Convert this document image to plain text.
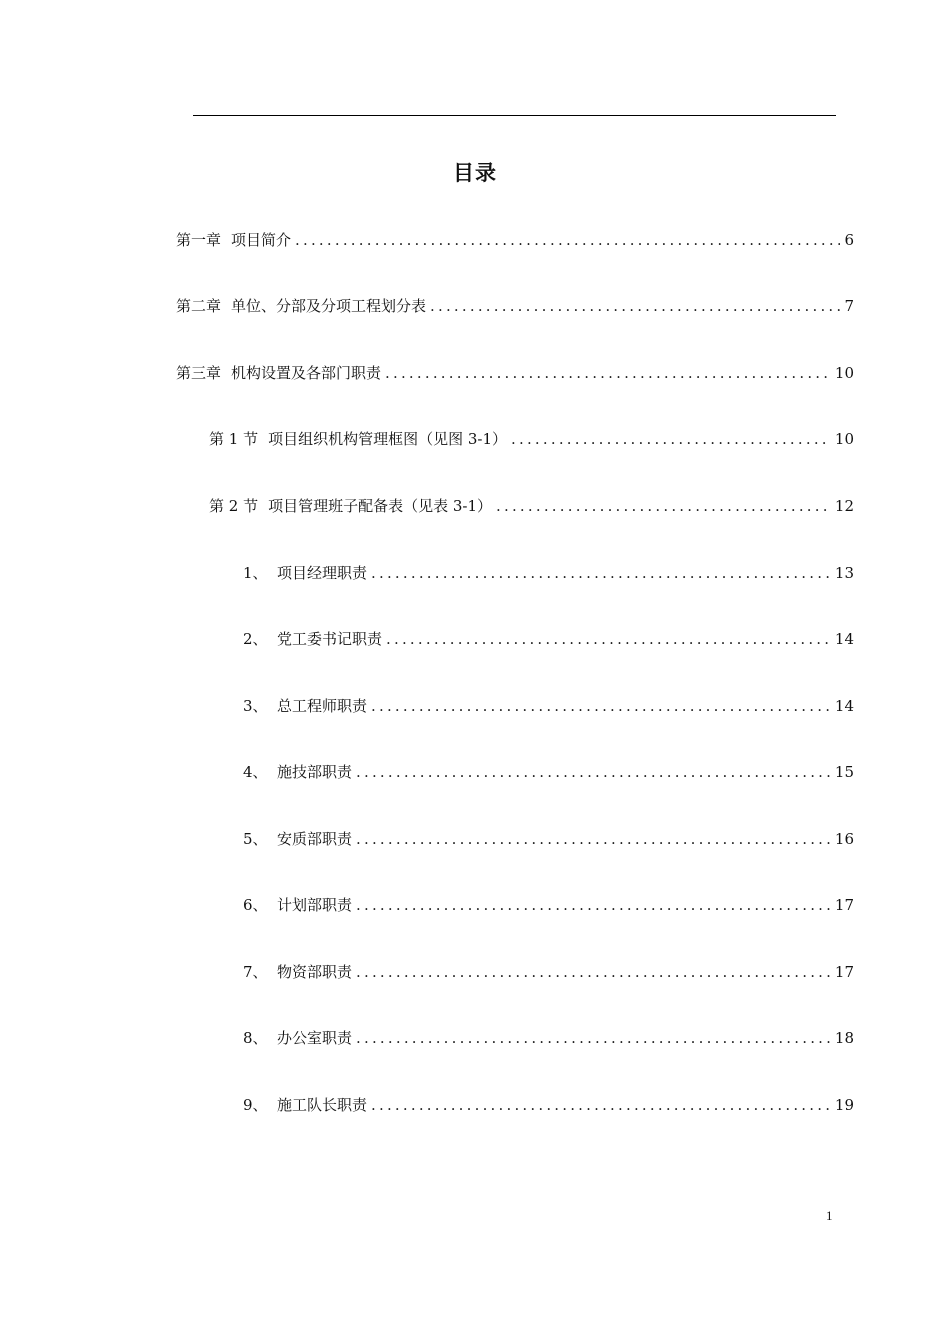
目录
第一章 项目简介 .....	6
第二章 单位、分部及分项工程划分表 .....	7
第三章 机构设置及各部门职责 .....	10
第 1 节 项目组织机构管理框图（见图 3-1） .....	10
第 2 节 项目管理班子配备表（见表 3-1） .....	12
1、 项目经理职责 .....	13
2、 党工委书记职责 .....	14
3、 总工程师职责 .....	14
4、 施技部职责 .....	15
5、 安质部职责 .....	16
6、 计划部职责 .....	17
7、 物资部职责 .....	17
8、 办公室职责 .....	18
9、 施工队长职责 .....	19
1
